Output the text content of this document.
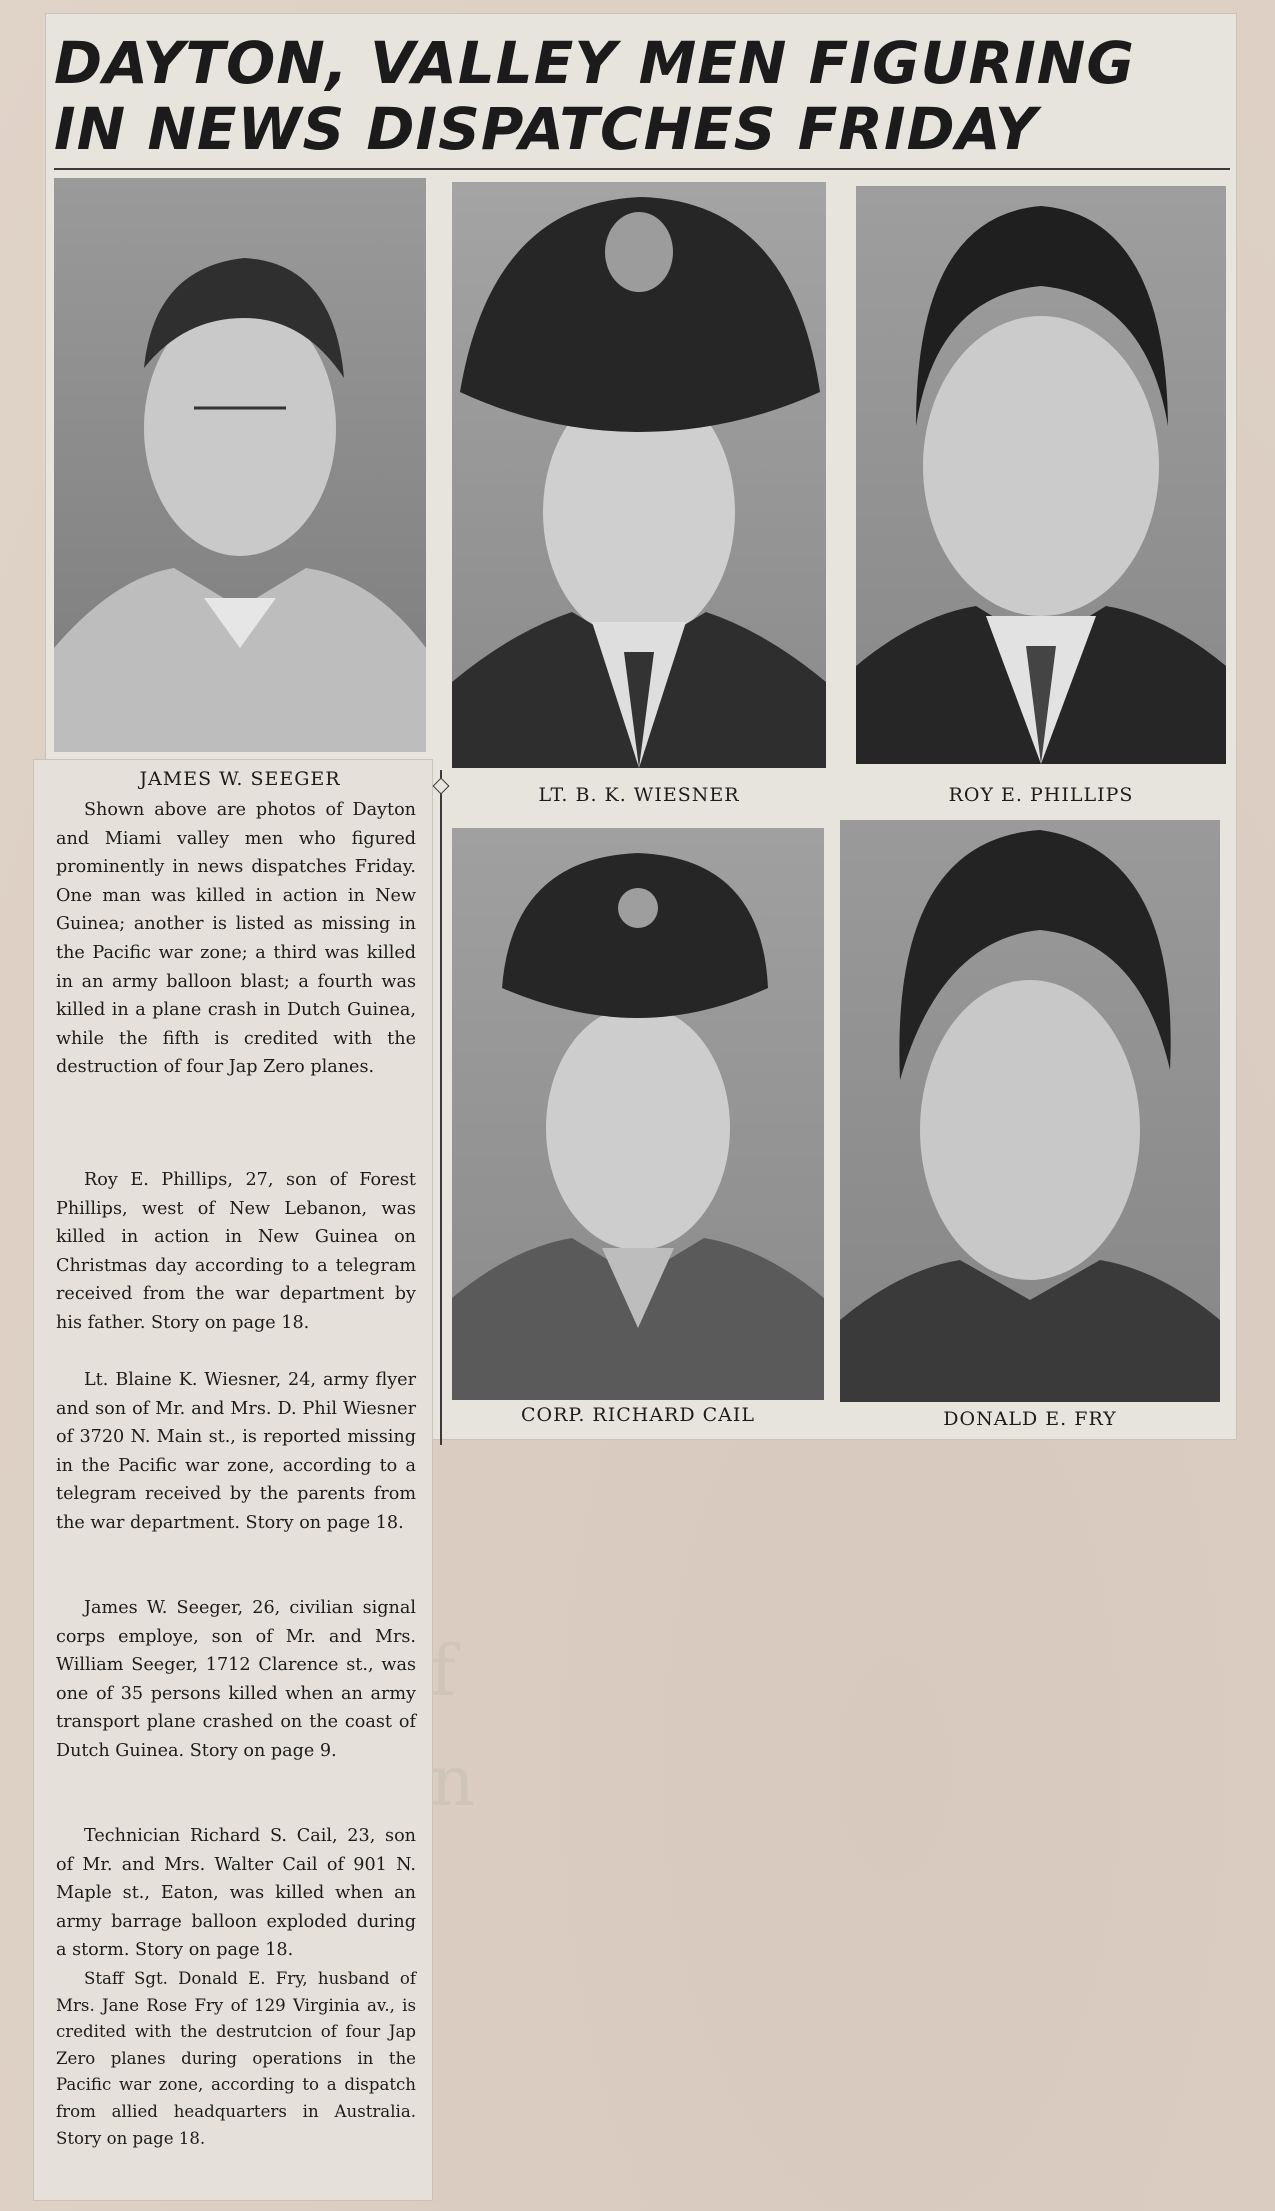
f
n
DAYTON, VALLEY MEN FIGURING
IN NEWS DISPATCHES FRIDAY
JAMES W. SEEGER
LT. B. K. WIESNER	ROY E. PHILLIPS
CORP. RICHARD CAIL	DONALD E. FRY

Shown above are photos of Dayton and Miami valley men who figured prominently in news dispatches Friday. One man was killed in action in New Guinea; another is listed as missing in the Pacific war zone; a third was killed in an army balloon blast; a fourth was killed in a plane crash in Dutch Guinea, while the fifth is credited with the destruction of four Jap Zero planes.

Roy E. Phillips, 27, son of Forest Phillips, west of New Lebanon, was killed in action in New Guinea on Christmas day according to a telegram received from the war department by his father. Story on page 18.

Lt. Blaine K. Wiesner, 24, army flyer and son of Mr. and Mrs. D. Phil Wiesner of 3720 N. Main st., is reported missing in the Pacific war zone, according to a telegram received by the parents from the war department. Story on page 18.

James W. Seeger, 26, civilian signal corps employe, son of Mr. and Mrs. William Seeger, 1712 Clarence st., was one of 35 persons killed when an army transport plane crashed on the coast of Dutch Guinea. Story on page 9.

Technician Richard S. Cail, 23, son of Mr. and Mrs. Walter Cail of 901 N. Maple st., Eaton, was killed when an army barrage balloon exploded during a storm. Story on page 18.

Staff Sgt. Donald E. Fry, husband of Mrs. Jane Rose Fry of 129 Virginia av., is credited with the destrutcion of four Jap Zero planes during operations in the Pacific war zone, according to a dispatch from allied headquarters in Australia. Story on page 18.
